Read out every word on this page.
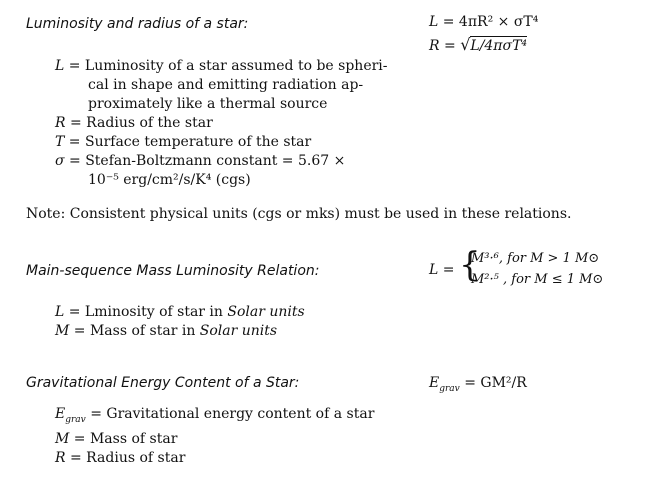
Luminosity and radius of a star:	L = 4πR² × σT⁴
R = √L/4πσT⁴
L = Luminosity of a star assumed to be spheri-
cal in shape and emitting radiation ap-
proximately like a thermal source
R = Radius of the star
T = Surface temperature of the star
σ = Stefan-Boltzmann constant = 5.67 ×
10⁻⁵ erg/cm²/s/K⁴ (cgs)
Note: Consistent physical units (cgs or mks) must be used in these relations.
Main-sequence Mass Luminosity Relation:	L = {
M³·⁶, for M > 1 M⊙
M²·⁵ , for M ≤ 1 M⊙
L = Lminosity of star in Solar units
M = Mass of star in Solar units
Gravitational Energy Content of a Star:	$E_{grav} = GM^2/R$
$E_{grav}$ = Gravitational energy content of a star
M = Mass of star
R = Radius of star
